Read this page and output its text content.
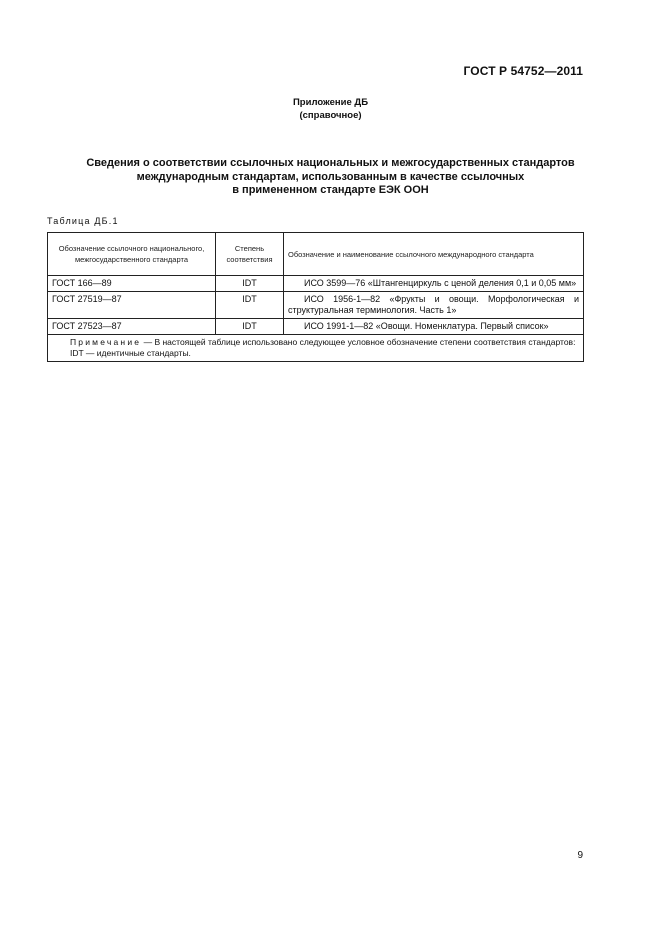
ГОСТ Р 54752—2011
Приложение ДБ
(справочное)
Сведения о соответствии ссылочных национальных и межгосударственных стандартов
международным стандартам, использованным в качестве ссылочных
в примененном стандарте ЕЭК ООН
Таблица ДБ.1
Обозначение ссылочного национального, межгосударственного стандарта	Степень соответствия	Обозначение и наименование ссылочного международного стандарта
ГОСТ 166—89	IDT	ИСО 3599—76 «Штангенциркуль с ценой деления 0,1 и 0,05 мм»
ГОСТ 27519—87	IDT	ИСО 1956-1—82 «Фрукты и овощи. Морфологическая и структуральная терминология. Часть 1»
ГОСТ 27523—87	IDT	ИСО 1991-1—82 «Овощи. Номенклатура. Первый список»
Примечание — В настоящей таблице использовано следующее условное обозначение степени соответствия стандартов:
IDT — идентичные стандарты.		
9
